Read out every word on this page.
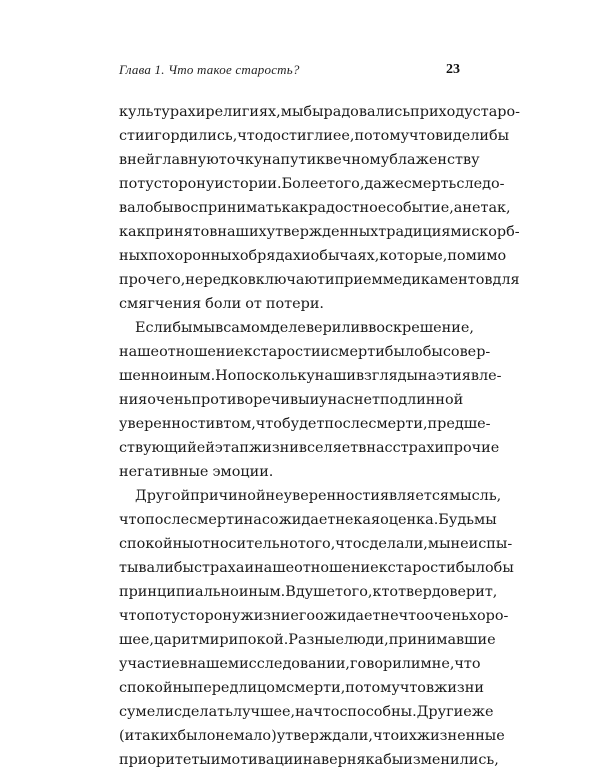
Глава 1. Что такое старость?	23
культурах и религиях, мы бы радовались приходу старо-
сти и гордились, что достигли ее, потому что видели бы
в ней главную точку на пути к вечному блаженству
по ту сторону истории. Более того, даже смерть следо-
вало бы воспринимать как радостное событие, а не так,
как принято в наших утвержденных традициями скорб-
ных похоронных обрядах и обычаях, которые, помимо
прочего, нередко включают и прием медикаментов для
смягчения боли от потери.
Если бы мы в самом деле верили в воскрешение,
наше отношение к старости и смерти было бы совер-
шенно иным. Но поскольку наши взгляды на эти явле-
ния очень противоречивы и у нас нет подлинной
уверенности в том, что будет после смерти, предше-
ствующий ей этап жизни вселяет в нас страх и прочие
негативные эмоции.
Другой причиной неуверенности является мысль,
что после смерти нас ожидает некая оценка. Будь мы
спокойны относительно того, что сделали, мы не испы-
тывали бы страха и наше отношение к старости было бы
принципиально иным. В душе того, кто твердо верит,
что по ту сторону жизни его ожидает нечто очень хоро-
шее, царит мир и покой. Разные люди, принимавшие
участие в нашем исследовании, говорили мне, что
спокойны перед лицом смерти, потому что в жизни
сумели сделать лучшее, на что способны. Другие же
(и таких было немало) утверждали, что их жизненные
приоритеты и мотивации наверняка бы изменились,
